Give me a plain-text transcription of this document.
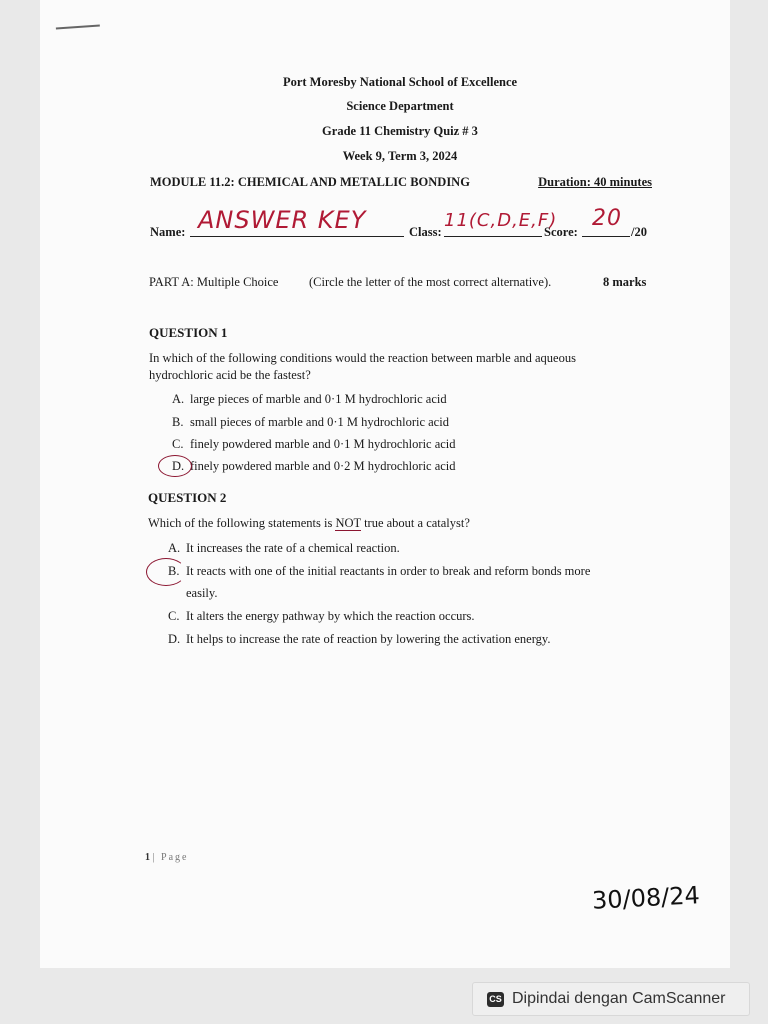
Port Moresby National School of Excellence
Science Department
Grade 11 Chemistry Quiz # 3
Week 9, Term 3, 2024
MODULE 11.2: CHEMICAL AND METALLIC BONDING	Duration: 40 minutes
Name: ANSWER KEY	Class:
11(C,D,E,F)
Score:
20
/20
PART A: Multiple Choice (Circle the letter of the most correct alternative).	8 marks
QUESTION 1
In which of the following conditions would the reaction between marble and aqueous hydrochloric acid be the fastest?
A. large pieces of marble and 0·1 M hydrochloric acid
B. small pieces of marble and 0·1 M hydrochloric acid
C. finely powdered marble and 0·1 M hydrochloric acid
D. finely powdered marble and 0·2 M hydrochloric acid
QUESTION 2
Which of the following statements is NOT true about a catalyst?
A. It increases the rate of a chemical reaction.
B. It reacts with one of the initial reactants in order to break and reform bonds more
easily.
C. It alters the energy pathway by which the reaction occurs.
D. It helps to increase the rate of reaction by lowering the activation energy.
1 | Page
30/08/24
CS Dipindai dengan CamScanner
